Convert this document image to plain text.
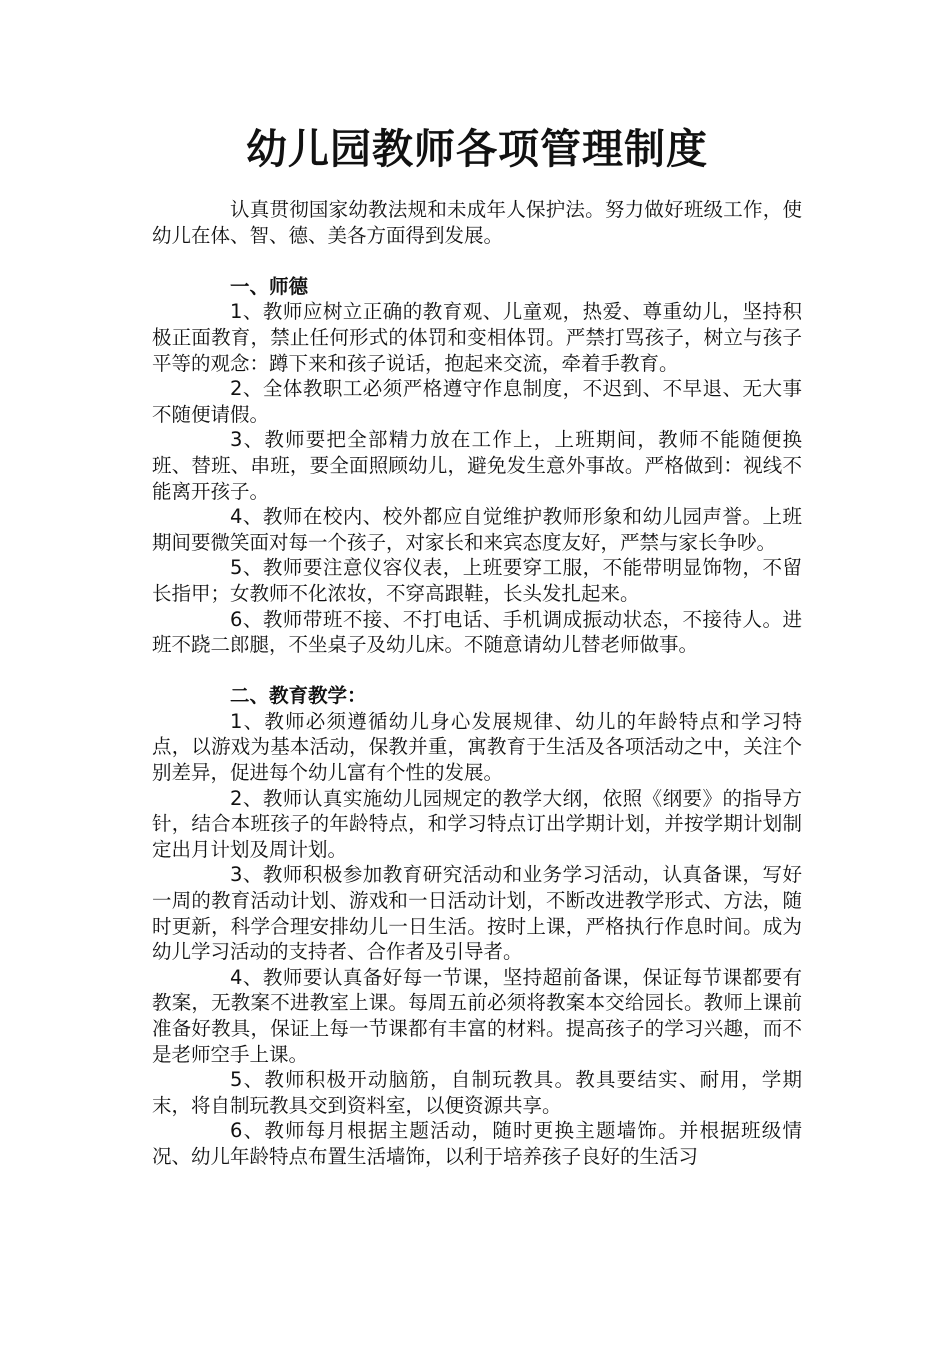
幼儿园教师各项管理制度

认真贯彻国家幼教法规和未成年人保护法。努力做好班级工作，使幼儿在体、智、德、美各方面得到发展。

一、师德

1、教师应树立正确的教育观、儿童观，热爱、尊重幼儿，坚持积极正面教育，禁止任何形式的体罚和变相体罚。严禁打骂孩子，树立与孩子平等的观念：蹲下来和孩子说话，抱起来交流，牵着手教育。

2、全体教职工必须严格遵守作息制度，不迟到、不早退、无大事不随便请假。

3、教师要把全部精力放在工作上，上班期间，教师不能随便换班、替班、串班，要全面照顾幼儿，避免发生意外事故。严格做到：视线不能离开孩子。

4、教师在校内、校外都应自觉维护教师形象和幼儿园声誉。上班期间要微笑面对每一个孩子，对家长和来宾态度友好，严禁与家长争吵。

5、教师要注意仪容仪表，上班要穿工服，不能带明显饰物，不留长指甲；女教师不化浓妆，不穿高跟鞋，长头发扎起来。

6、教师带班不接、不打电话、手机调成振动状态，不接待人。进班不跷二郎腿，不坐桌子及幼儿床。不随意请幼儿替老师做事。

二、教育教学：

1、教师必须遵循幼儿身心发展规律、幼儿的年龄特点和学习特点，以游戏为基本活动，保教并重，寓教育于生活及各项活动之中，关注个别差异，促进每个幼儿富有个性的发展。

2、教师认真实施幼儿园规定的教学大纲，依照《纲要》的指导方针，结合本班孩子的年龄特点，和学习特点订出学期计划，并按学期计划制定出月计划及周计划。

3、教师积极参加教育研究活动和业务学习活动，认真备课，写好一周的教育活动计划、游戏和一日活动计划，不断改进教学形式、方法，随时更新，科学合理安排幼儿一日生活。按时上课，严格执行作息时间。成为幼儿学习活动的支持者、合作者及引导者。

4、教师要认真备好每一节课，坚持超前备课，保证每节课都要有教案，无教案不进教室上课。每周五前必须将教案本交给园长。教师上课前准备好教具，保证上每一节课都有丰富的材料。提高孩子的学习兴趣，而不是老师空手上课。

5、教师积极开动脑筋，自制玩教具。教具要结实、耐用，学期末，将自制玩教具交到资料室，以便资源共享。

6、教师每月根据主题活动，随时更换主题墙饰。并根据班级情况、幼儿年龄特点布置生活墙饰，以利于培养孩子良好的生活习
